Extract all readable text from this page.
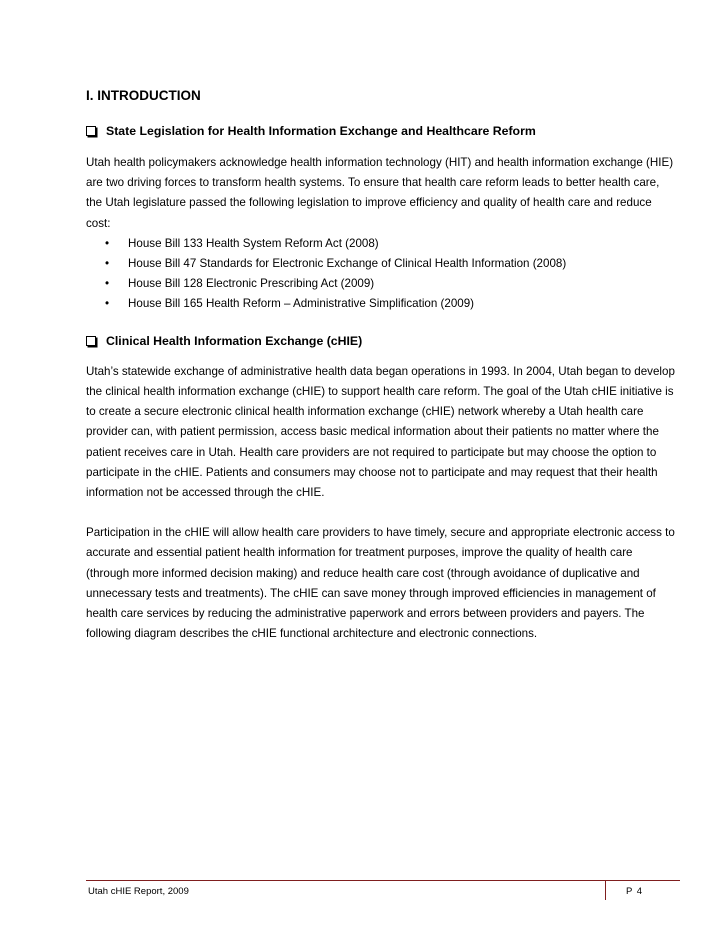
I. INTRODUCTION
State Legislation for Health Information Exchange and Healthcare Reform

Utah health policymakers acknowledge health information technology (HIT) and health information exchange (HIE) are two driving forces to transform health systems. To ensure that health care reform leads to better health care, the Utah legislature passed the following legislation to improve efficiency and quality of health care and reduce cost:

• House Bill 133 Health System Reform Act (2008)
• House Bill 47 Standards for Electronic Exchange of Clinical Health Information (2008)
• House Bill 128 Electronic Prescribing Act (2009)
• House Bill 165 Health Reform – Administrative Simplification (2009)
Clinical Health Information Exchange (cHIE)

Utah’s statewide exchange of administrative health data began operations in 1993. In 2004, Utah began to develop the clinical health information exchange (cHIE) to support health care reform. The goal of the Utah cHIE initiative is to create a secure electronic clinical health information exchange (cHIE) network whereby a Utah health care provider can, with patient permission, access basic medical information about their patients no matter where the patient receives care in Utah. Health care providers are not required to participate but may choose the option to participate in the cHIE. Patients and consumers may choose not to participate and may request that their health information not be accessed through the cHIE.

Participation in the cHIE will allow health care providers to have timely, secure and appropriate electronic access to accurate and essential patient health information for treatment purposes, improve the quality of health care (through more informed decision making) and reduce health care cost (through avoidance of duplicative and unnecessary tests and treatments). The cHIE can save money through improved efficiencies in management of health care services by reducing the administrative paperwork and errors between providers and payers. The following diagram describes the cHIE functional architecture and electronic connections.

Utah cHIE Report, 2009	P 4
